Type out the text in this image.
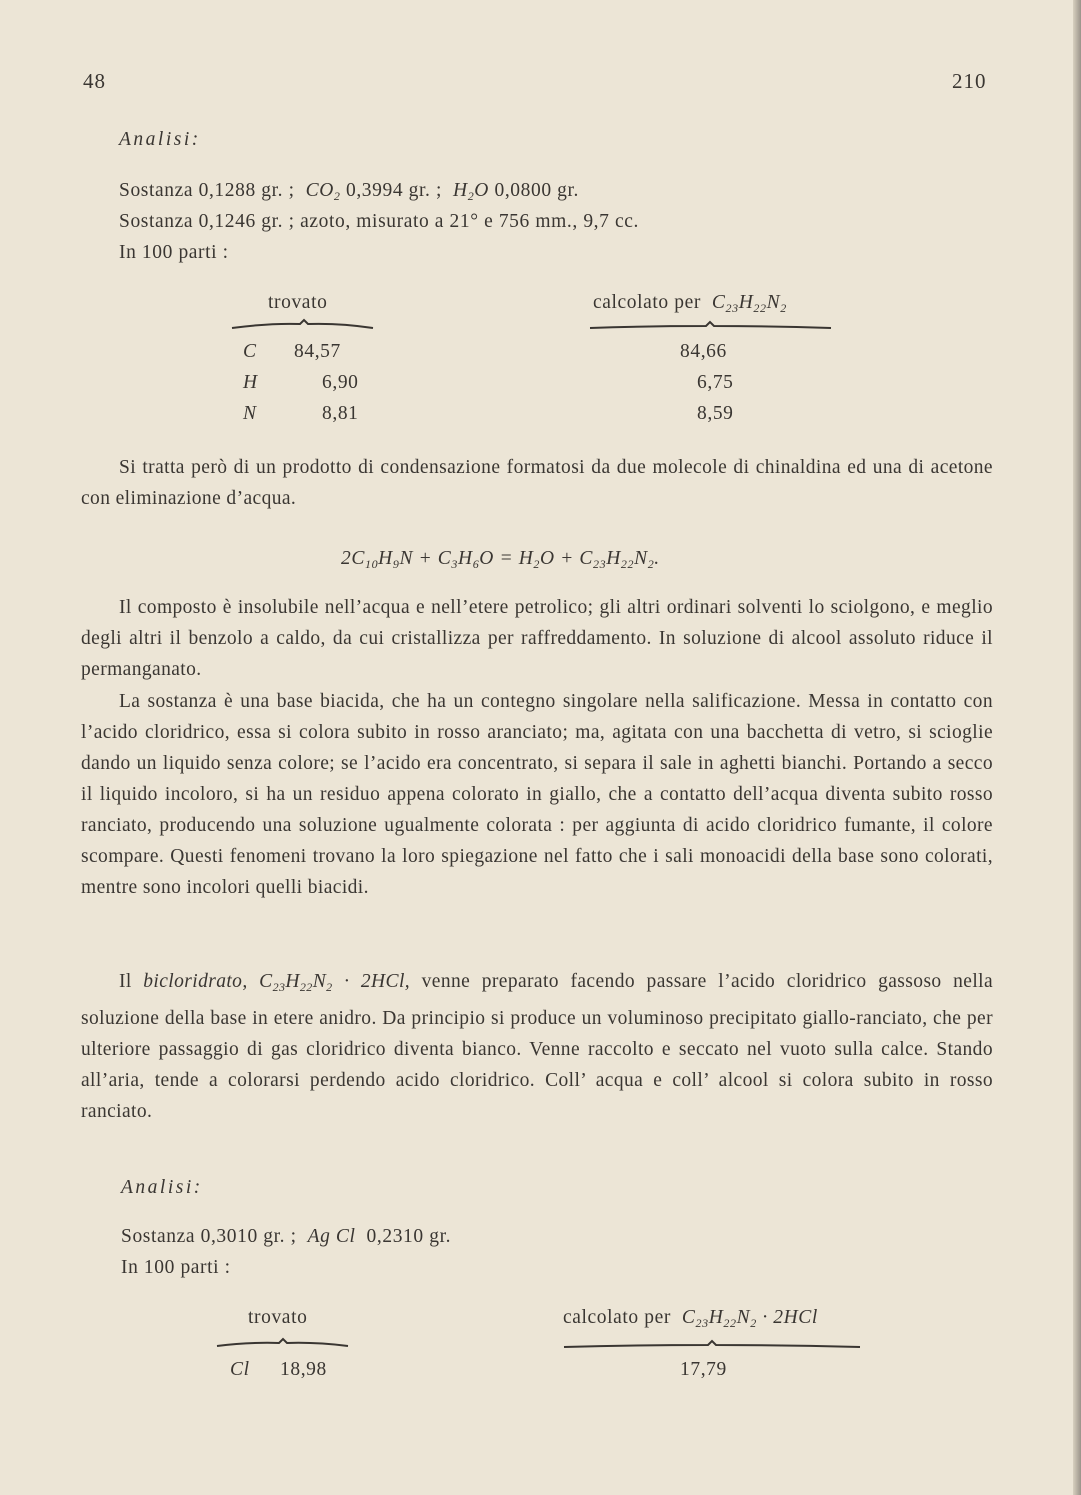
48	210
Analisi:
Sostanza 0,1288 gr. ;  $CO_2$ 0,3994 gr. ;  $H_2O$ 0,0800 gr.
Sostanza 0,1246 gr. ; azoto, misurato a 21° e 756 mm., 9,7 cc.
In 100 parti :
trovato	calcolato per  $C_{23}H_{22}N_2$
C 84,57	84,66
H	6,90	6,75
N	8,81	8,59

Si tratta però di un prodotto di condensazione formatosi da due molecole di chinaldina ed una di acetone con eliminazione d’acqua.

$2C_{10}H_9N$ ⁠+ $C_3H_6O = H_2O + C_{23}H_{22}N_2$.

Il composto è insolubile nell’acqua e nell’etere petrolico; gli altri ordinari solventi lo sciolgono, e meglio degli altri il benzolo a caldo, da cui cristallizza per raffreddamento. In soluzione di alcool assoluto riduce il permanganato.

La sostanza è una base biacida, che ha un contegno singolare nella salificazione. Messa in contatto con l’acido cloridrico, essa si colora subito in rosso aranciato; ma, agitata con una bacchetta di vetro, si scioglie dando un liquido senza colore; se l’acido era concentrato, si separa il sale in aghetti bianchi. Portando a secco il liquido incoloro, si ha un residuo appena colorato in giallo, che a contatto dell’acqua diventa subito rosso ranciato, producendo una soluzione ugualmente colorata : per aggiunta di acido cloridrico fumante, il colore scompare. Questi fenomeni trovano la loro spiegazione nel fatto che i sali monoacidi della base sono colorati, mentre sono incolori quelli biacidi.

Il bicloridrato, $C_{23}H_{22}N_2 \cdot 2HCl$, venne preparato facendo passare l’acido cloridrico gassoso nella soluzione della base in etere anidro. Da principio si produce un voluminoso precipitato giallo-ranciato, che per ulteriore passaggio di gas cloridrico diventa bianco. Venne raccolto e seccato nel vuoto sulla calce. Stando all’aria, tende a colorarsi perdendo acido cloridrico. Coll’ acqua e coll’ alcool si colora subito in rosso ranciato.

Analisi:
Sostanza 0,3010 gr. ;  Ag Cl  0,2310 gr.
In 100 parti :
trovato	calcolato per  $C_{23}H_{22}N_2 \cdot 2HCl$
Cl 18,98	17,79
